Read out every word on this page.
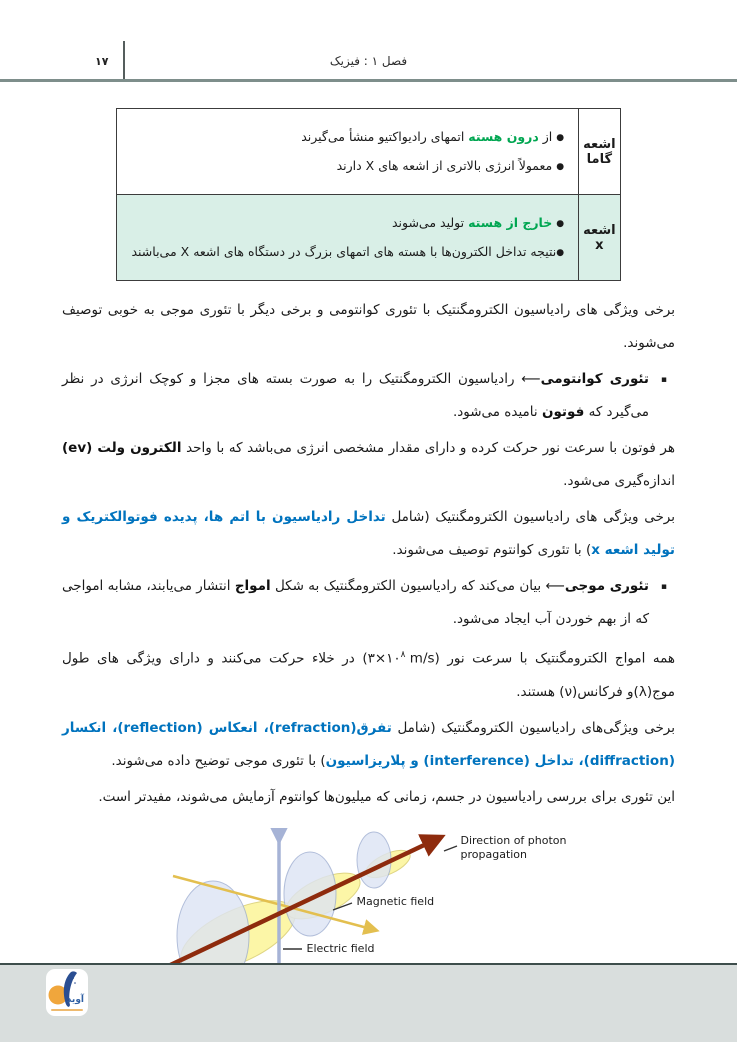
۱۷	فصل ۱ : فیزیک
اشعه گاما	● از درون هسته اتمهای رادیواکتیو منشأ می‌گیرند
● معمولاً انرژی بالاتری از اشعه های X دارند

اشعه x	● خارج از هسته تولید می‌شوند
●نتیجه تداخل الکترون‌ها با هسته های اتمهای بزرگ در دستگاه های اشعه X می‌باشند

برخی ویژگی های رادیاسیون الکترومگنتیک با تئوری کوانتومی و برخی دیگر با تئوری موجی به خوبی توصیف می‌شوند.

▪
تئوری کوانتومی⟵ رادیاسیون الکترومگنتیک را به صورت بسته های مجزا و کوچک انرژی در نظر می‌گیرد که فوتون نامیده می‌شود.

هر فوتون با سرعت نور حرکت کرده و دارای مقدار مشخصی انرژی می‌باشد که با واحد الکترون ولت (ev) اندازه‌گیری می‌شود.

برخی ویژگی های رادیاسیون الکترومگنتیک (شامل تداخل رادیاسیون با اتم ها، پدیده فوتوالکتریک و تولید اشعه x) با تئوری کوانتوم توصیف می‌شوند.

▪
تئوری موجی⟵ بیان می‌کند که رادیاسیون الکترومگنتیک به شکل امواج انتشار می‌یابند، مشابه امواجی که از بهم خوردن آب ایجاد می‌شود.

همه امواج الکترومگنتیک با سرعت نور ($۳\times ۱۰^۸$ m/s) در خلاء حرکت می‌کنند و دارای ویژگی های طول موج(λ)و فرکانس(ν) هستند.

برخی ویژگی‌های رادیاسیون الکترومگنتیک (شامل تفرق(refraction)، انعکاس (reflection)، انکسار (diffraction)، تداخل (interference) و پلاریزاسیون) با تئوری موجی توضیح داده می‌شوند.

این تئوری برای بررسی رادیاسیون در جسم، زمانی که میلیون‌ها کوانتوم آزمایش می‌شوند، مفیدتر است.

Direction of photon propagation
Magnetic field
Electric field
آوید
